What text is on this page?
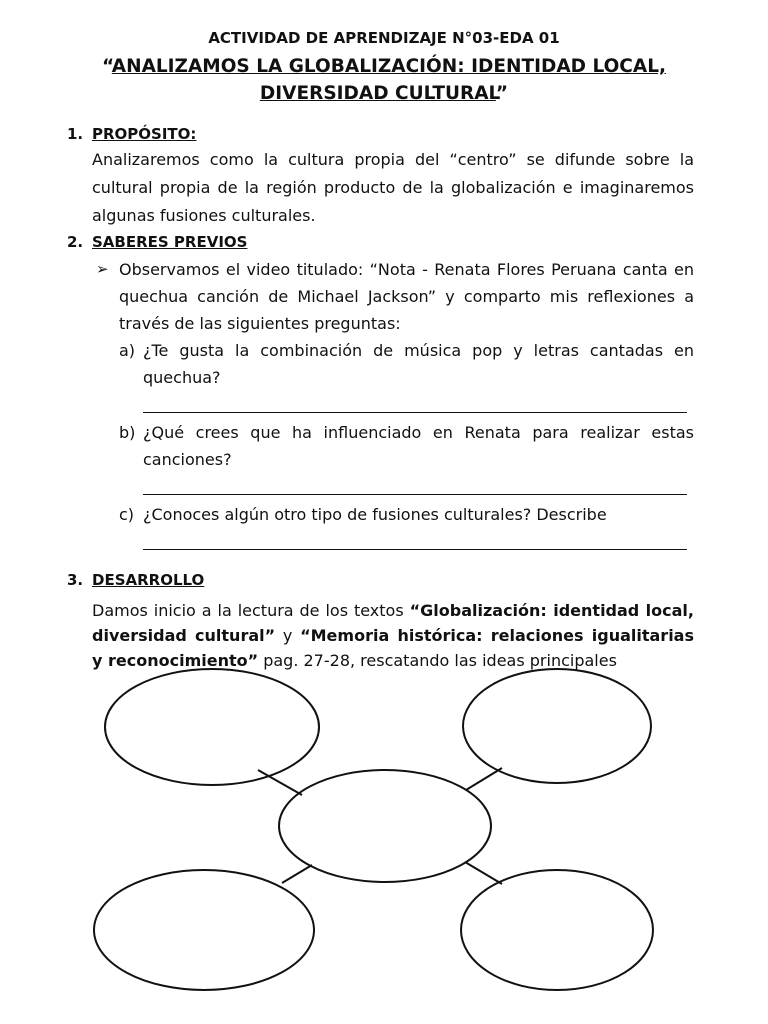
ACTIVIDAD DE APRENDIZAJE N°03-EDA 01
“ANALIZAMOS LA GLOBALIZACIÓN: IDENTIDAD LOCAL,
DIVERSIDAD CULTURAL”
1. PROPÓSITO:
Analizaremos como la cultura propia del “centro” se difunde sobre la cultural propia de la región producto de la globalización e imaginaremos algunas fusiones culturales.
2. SABERES PREVIOS
➢ Observamos el video titulado: “Nota - Renata Flores Peruana canta en quechua canción de Michael Jackson” y comparto mis reflexiones a través de las siguientes preguntas:
a) ¿Te gusta la combinación de música pop y letras cantadas en quechua?
b) ¿Qué crees que ha influenciado en Renata para realizar estas canciones?
c) ¿Conoces algún otro tipo de fusiones culturales? Describe
3. DESARROLLO
Damos inicio a la lectura de los textos “Globalización: identidad local, diversidad cultural” y “Memoria histórica: relaciones igualitarias y reconocimiento” pag. 27-28, rescatando las ideas principales
